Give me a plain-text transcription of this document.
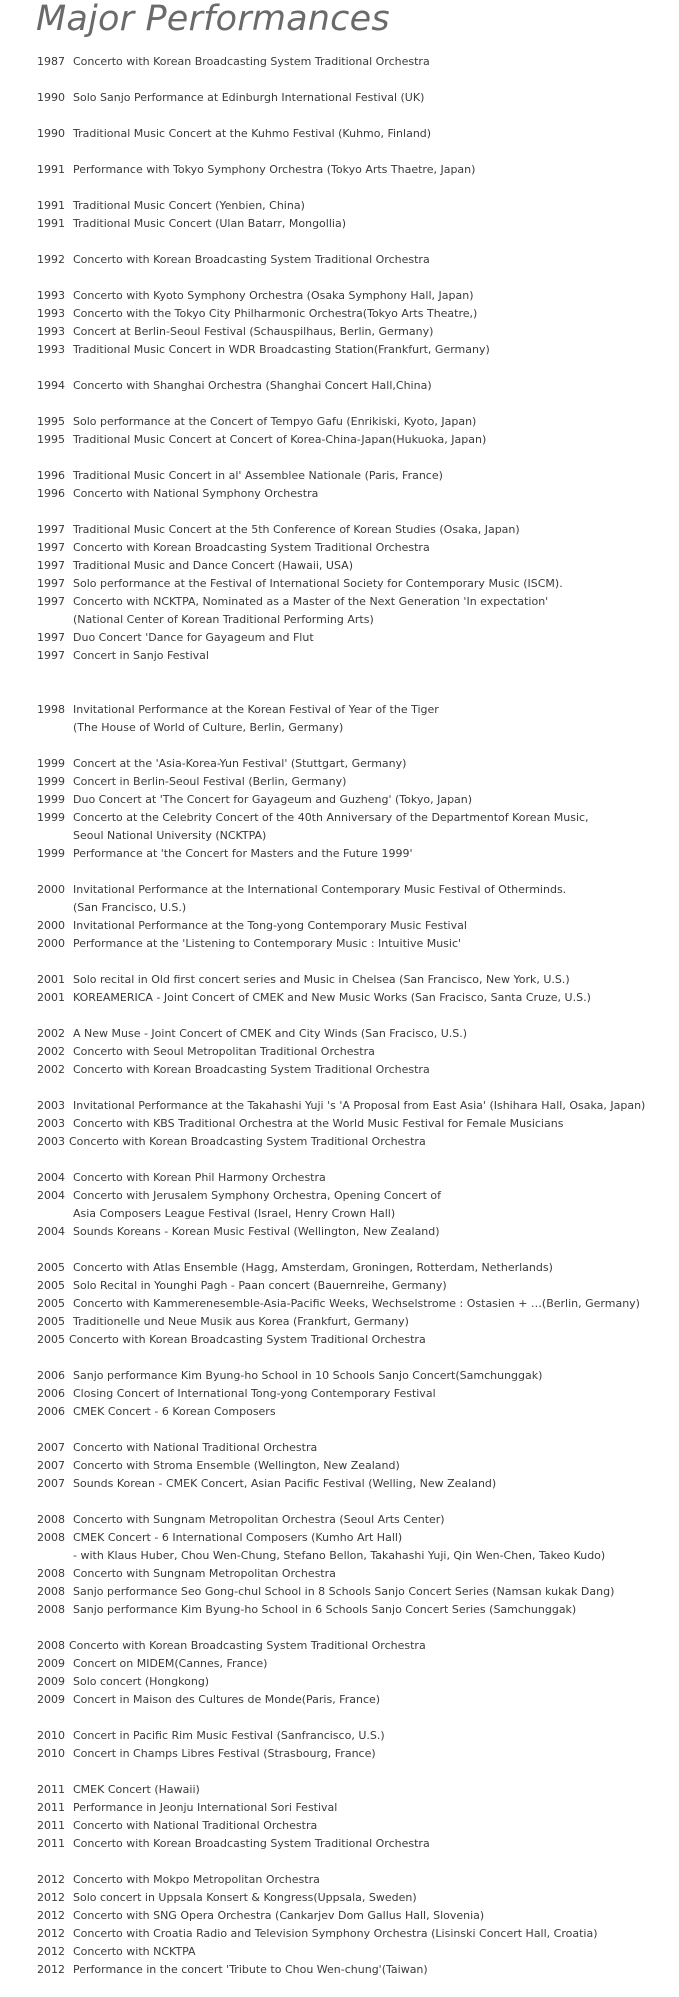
Major Performances
1987 Concerto with Korean Broadcasting System Traditional Orchestra
1990 Solo Sanjo Performance at Edinburgh International Festival (UK)
1990 Traditional Music Concert at the Kuhmo Festival (Kuhmo, Finland)
1991 Performance with Tokyo Symphony Orchestra (Tokyo Arts Thaetre, Japan)
1991 Traditional Music Concert (Yenbien, China)
1991 Traditional Music Concert (Ulan Batarr, Mongollia)
1992 Concerto with Korean Broadcasting System Traditional Orchestra
1993 Concerto with Kyoto Symphony Orchestra (Osaka Symphony Hall, Japan)
1993 Concerto with the Tokyo City Philharmonic Orchestra(Tokyo Arts Theatre,)
1993 Concert at Berlin-Seoul Festival (Schauspilhaus, Berlin, Germany)
1993 Traditional Music Concert in WDR Broadcasting Station(Frankfurt, Germany)
1994 Concerto with Shanghai Orchestra (Shanghai Concert Hall,China)
1995 Solo performance at the Concert of Tempyo Gafu (Enrikiski, Kyoto, Japan)
1995 Traditional Music Concert at Concert of Korea-China-Japan(Hukuoka, Japan)
1996 Traditional Music Concert in al' Assemblee Nationale (Paris, France)
1996 Concerto with National Symphony Orchestra
1997 Traditional Music Concert at the 5th Conference of Korean Studies (Osaka, Japan)
1997 Concerto with Korean Broadcasting System Traditional Orchestra
1997 Traditional Music and Dance Concert (Hawaii, USA)
1997 Solo performance at the Festival of International Society for Contemporary Music (ISCM).
1997 Concerto with NCKTPA, Nominated as a Master of the Next Generation 'In expectation'
(National Center of Korean Traditional Performing Arts)
1997 Duo Concert 'Dance for Gayageum and Flut
1997 Concert in Sanjo Festival
1998 Invitational Performance at the Korean Festival of Year of the Tiger
(The House of World of Culture, Berlin, Germany)
1999 Concert at the 'Asia-Korea-Yun Festival' (Stuttgart, Germany)
1999 Concert in Berlin-Seoul Festival (Berlin, Germany)
1999 Duo Concert at 'The Concert for Gayageum and Guzheng' (Tokyo, Japan)
1999 Concerto at the Celebrity Concert of the 40th Anniversary of the Departmentof Korean Music,
Seoul National University (NCKTPA)
1999 Performance at 'the Concert for Masters and the Future 1999'
2000 Invitational Performance at the International Contemporary Music Festival of Otherminds.
(San Francisco, U.S.)
2000 Invitational Performance at the Tong-yong Contemporary Music Festival
2000 Performance at the 'Listening to Contemporary Music : Intuitive Music'
2001 Solo recital in Old first concert series and Music in Chelsea (San Francisco, New York, U.S.)
2001 KOREAMERICA - Joint Concert of CMEK and New Music Works (San Fracisco, Santa Cruze, U.S.)
2002 A New Muse - Joint Concert of CMEK and City Winds (San Fracisco, U.S.)
2002 Concerto with Seoul Metropolitan Traditional Orchestra
2002 Concerto with Korean Broadcasting System Traditional Orchestra
2003 Invitational Performance at the Takahashi Yuji 's 'A Proposal from East Asia' (Ishihara Hall, Osaka, Japan)
2003 Concerto with KBS Traditional Orchestra at the World Music Festival for Female Musicians
2003 Concerto with Korean Broadcasting System Traditional Orchestra
2004 Concerto with Korean Phil Harmony Orchestra
2004 Concerto with Jerusalem Symphony Orchestra, Opening Concert of
Asia Composers League Festival (Israel, Henry Crown Hall)
2004 Sounds Koreans - Korean Music Festival (Wellington, New Zealand)
2005 Concerto with Atlas Ensemble (Hagg, Amsterdam, Groningen, Rotterdam, Netherlands)
2005 Solo Recital in Younghi Pagh - Paan concert (Bauernreihe, Germany)
2005 Concerto with Kammerenesemble-Asia-Pacific Weeks, Wechselstrome : Ostasien + …(Berlin, Germany)
2005 Traditionelle und Neue Musik aus Korea (Frankfurt, Germany)
2005 Concerto with Korean Broadcasting System Traditional Orchestra
2006 Sanjo performance Kim Byung-ho School in 10 Schools Sanjo Concert(Samchunggak)
2006 Closing Concert of International Tong-yong Contemporary Festival
2006 CMEK Concert - 6 Korean Composers
2007 Concerto with National Traditional Orchestra
2007 Concerto with Stroma Ensemble (Wellington, New Zealand)
2007 Sounds Korean - CMEK Concert, Asian Pacific Festival (Welling, New Zealand)
2008 Concerto with Sungnam Metropolitan Orchestra (Seoul Arts Center)
2008 CMEK Concert - 6 International Composers (Kumho Art Hall)
- with Klaus Huber, Chou Wen-Chung, Stefano Bellon, Takahashi Yuji, Qin Wen-Chen, Takeo Kudo)
2008 Concerto with Sungnam Metropolitan Orchestra
2008 Sanjo performance Seo Gong-chul School in 8 Schools Sanjo Concert Series (Namsan kukak Dang)
2008 Sanjo performance Kim Byung-ho School in 6 Schools Sanjo Concert Series (Samchunggak)
2008 Concerto with Korean Broadcasting System Traditional Orchestra
2009 Concert on MIDEM(Cannes, France)
2009 Solo concert (Hongkong)
2009 Concert in Maison des Cultures de Monde(Paris, France)
2010 Concert in Pacific Rim Music Festival (Sanfrancisco, U.S.)
2010 Concert in Champs Libres Festival (Strasbourg, France)
2011 CMEK Concert (Hawaii)
2011 Performance in Jeonju International Sori Festival
2011 Concerto with National Traditional Orchestra
2011 Concerto with Korean Broadcasting System Traditional Orchestra
2012 Concerto with Mokpo Metropolitan Orchestra
2012 Solo concert in Uppsala Konsert & Kongress(Uppsala, Sweden)
2012 Concerto with SNG Opera Orchestra (Cankarjev Dom Gallus Hall, Slovenia)
2012 Concerto with Croatia Radio and Television Symphony Orchestra (Lisinski Concert Hall, Croatia)
2012 Concerto with NCKTPA
2012 Performance in the concert 'Tribute to Chou Wen-chung'(Taiwan)
